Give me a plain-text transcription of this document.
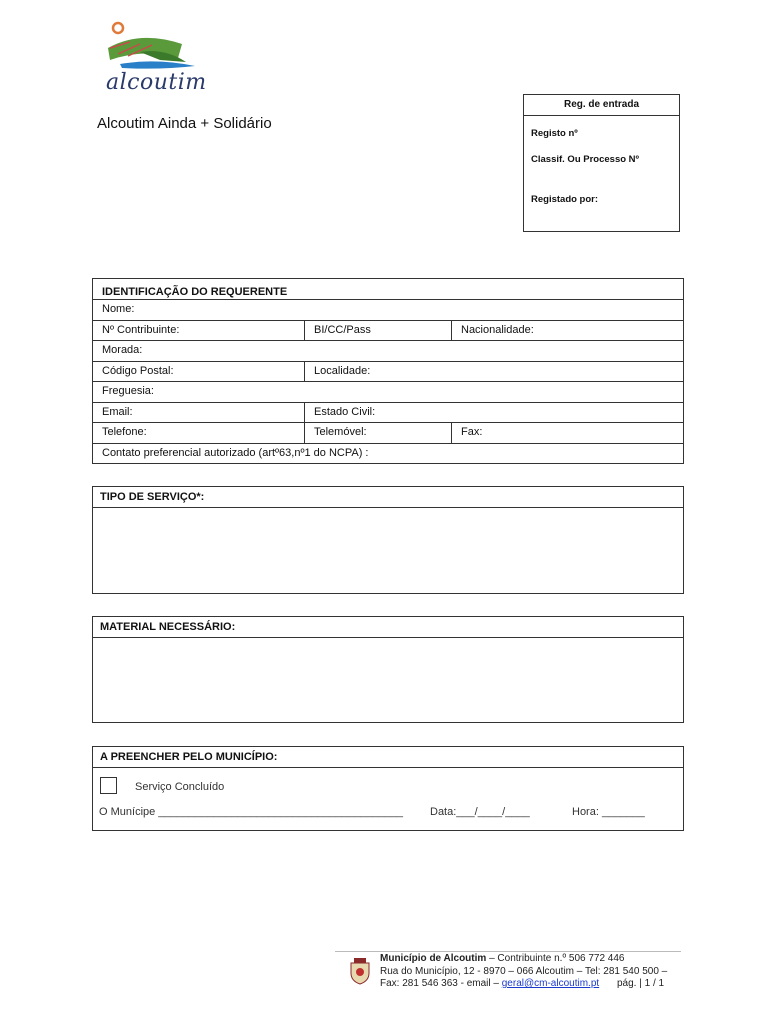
alcoutim
Alcoutim Ainda + Solidário
Reg. de entrada
Registo nº
Classif. Ou Processo Nº
Registado por:
IDENTIFICAÇÃO DO REQUERENTE
Nome:
Nº Contribuinte:	BI/CC/Pass	Nacionalidade:
Morada:
Código Postal:	Localidade:
Freguesia:
Email:	Estado Civil:
Telefone:	Telemóvel:	Fax:
Contato preferencial autorizado (artº63,nº1 do NCPA) :
TIPO DE SERVIÇO*:
MATERIAL NECESSÁRIO:
A PREENCHER PELO MUNICÍPIO:
Serviço Concluído
O Munícipe ________________________________________ Data:___/____/____	Hora: _______
Município de Alcoutim – Contribuinte n.º 506 772 446
Rua do Município, 12 - 8970 – 066 Alcoutim – Tel: 281 540 500 –
Fax: 281 546 363 - email – geral@cm-alcoutim.pt pág. | 1 / 1
